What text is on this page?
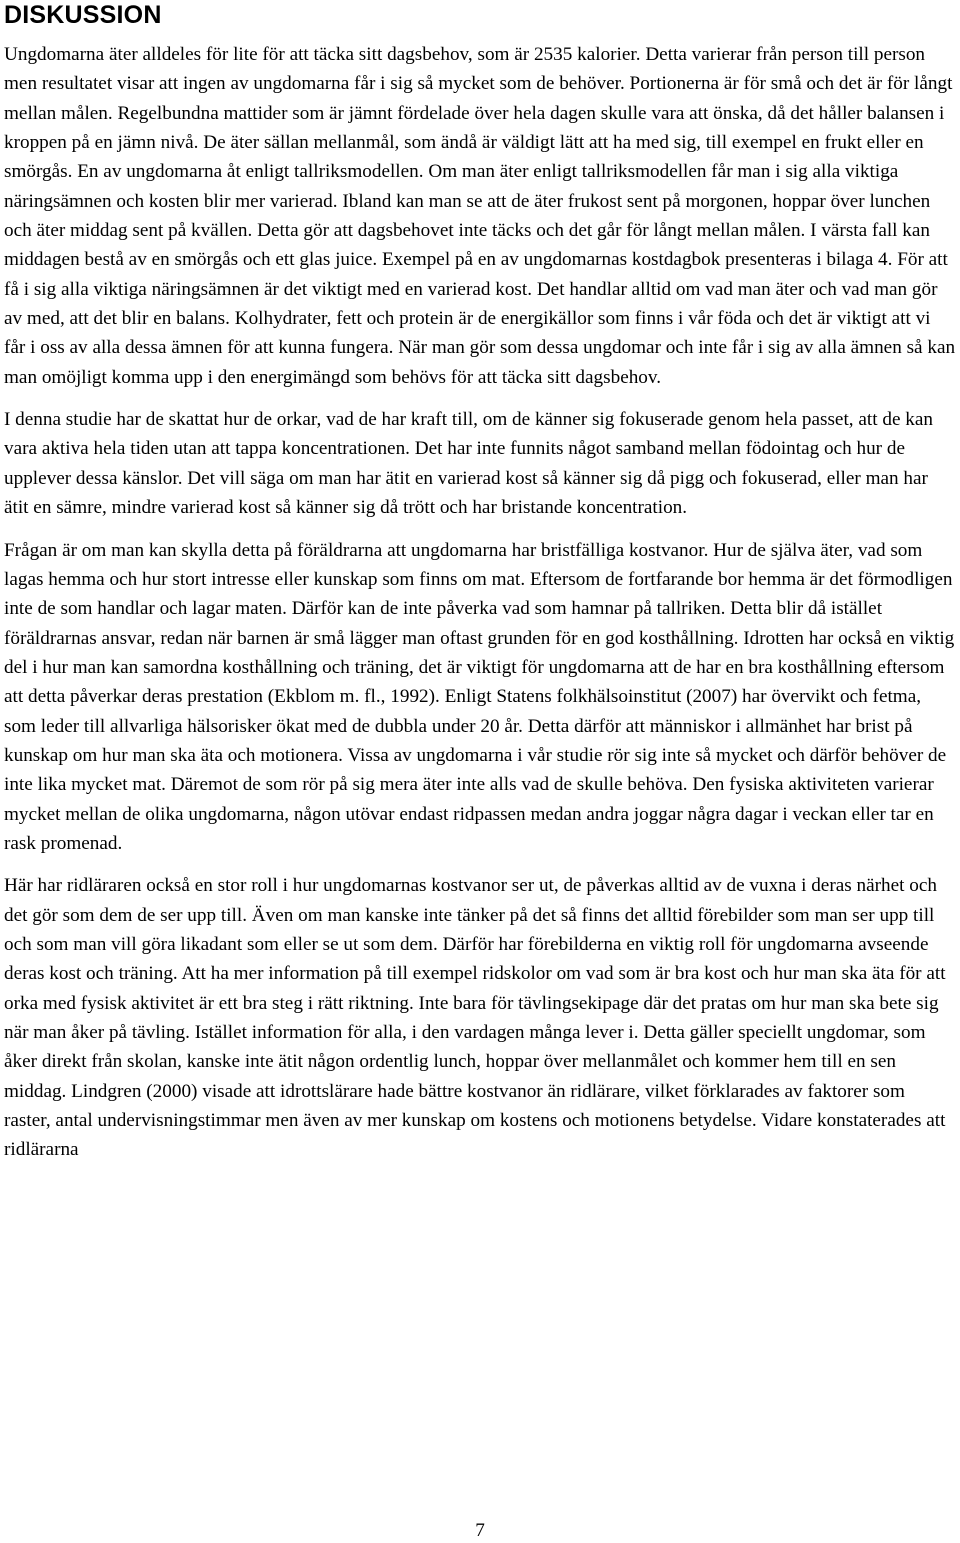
DISKUSSION

Ungdomarna äter alldeles för lite för att täcka sitt dagsbehov, som är 2535 kalorier. Detta varierar från person till person men resultatet visar att ingen av ungdomarna får i sig så mycket som de behöver. Portionerna är för små och det är för långt mellan målen. Regelbundna mattider som är jämnt fördelade över hela dagen skulle vara att önska, då det håller balansen i kroppen på en jämn nivå. De äter sällan mellanmål, som ändå är väldigt lätt att ha med sig, till exempel en frukt eller en smörgås. En av ungdomarna åt enligt tallriksmodellen. Om man äter enligt tallriksmodellen får man i sig alla viktiga näringsämnen och kosten blir mer varierad. Ibland kan man se att de äter frukost sent på morgonen, hoppar över lunchen och äter middag sent på kvällen. Detta gör att dagsbehovet inte täcks och det går för långt mellan målen. I värsta fall kan middagen bestå av en smörgås och ett glas juice. Exempel på en av ungdomarnas kostdagbok presenteras i bilaga 4. För att få i sig alla viktiga näringsämnen är det viktigt med en varierad kost. Det handlar alltid om vad man äter och vad man gör av med, att det blir en balans. Kolhydrater, fett och protein är de energikällor som finns i vår föda och det är viktigt att vi får i oss av alla dessa ämnen för att kunna fungera. När man gör som dessa ungdomar och inte får i sig av alla ämnen så kan man omöjligt komma upp i den energimängd som behövs för att täcka sitt dagsbehov.

I denna studie har de skattat hur de orkar, vad de har kraft till, om de känner sig fokuserade genom hela passet, att de kan vara aktiva hela tiden utan att tappa koncentrationen. Det har inte funnits något samband mellan födointag och hur de upplever dessa känslor. Det vill säga om man har ätit en varierad kost så känner sig då pigg och fokuserad, eller man har ätit en sämre, mindre varierad kost så känner sig då trött och har bristande koncentration.

Frågan är om man kan skylla detta på föräldrarna att ungdomarna har bristfälliga kostvanor. Hur de själva äter, vad som lagas hemma och hur stort intresse eller kunskap som finns om mat. Eftersom de fortfarande bor hemma är det förmodligen inte de som handlar och lagar maten. Därför kan de inte påverka vad som hamnar på tallriken. Detta blir då istället föräldrarnas ansvar, redan när barnen är små lägger man oftast grunden för en god kosthållning. Idrotten har också en viktig del i hur man kan samordna kosthållning och träning, det är viktigt för ungdomarna att de har en bra kosthållning eftersom att detta påverkar deras prestation (Ekblom m. fl., 1992). Enligt Statens folkhälsoinstitut (2007) har övervikt och fetma, som leder till allvarliga hälsorisker ökat med de dubbla under 20 år. Detta därför att människor i allmänhet har brist på kunskap om hur man ska äta och motionera. Vissa av ungdomarna i vår studie rör sig inte så mycket och därför behöver de inte lika mycket mat. Däremot de som rör på sig mera äter inte alls vad de skulle behöva. Den fysiska aktiviteten varierar mycket mellan de olika ungdomarna, någon utövar endast ridpassen medan andra joggar några dagar i veckan eller tar en rask promenad.

Här har ridläraren också en stor roll i hur ungdomarnas kostvanor ser ut, de påverkas alltid av de vuxna i deras närhet och det gör som dem de ser upp till. Även om man kanske inte tänker på det så finns det alltid förebilder som man ser upp till och som man vill göra likadant som eller se ut som dem. Därför har förebilderna en viktig roll för ungdomarna avseende deras kost och träning. Att ha mer information på till exempel ridskolor om vad som är bra kost och hur man ska äta för att orka med fysisk aktivitet är ett bra steg i rätt riktning. Inte bara för tävlingsekipage där det pratas om hur man ska bete sig när man åker på tävling. Istället information för alla, i den vardagen många lever i. Detta gäller speciellt ungdomar, som åker direkt från skolan, kanske inte ätit någon ordentlig lunch, hoppar över mellanmålet och kommer hem till en sen middag. Lindgren (2000) visade att idrottslärare hade bättre kostvanor än ridlärare, vilket förklarades av faktorer som raster, antal undervisningstimmar men även av mer kunskap om kostens och motionens betydelse. Vidare konstaterades att ridlärarna

7
